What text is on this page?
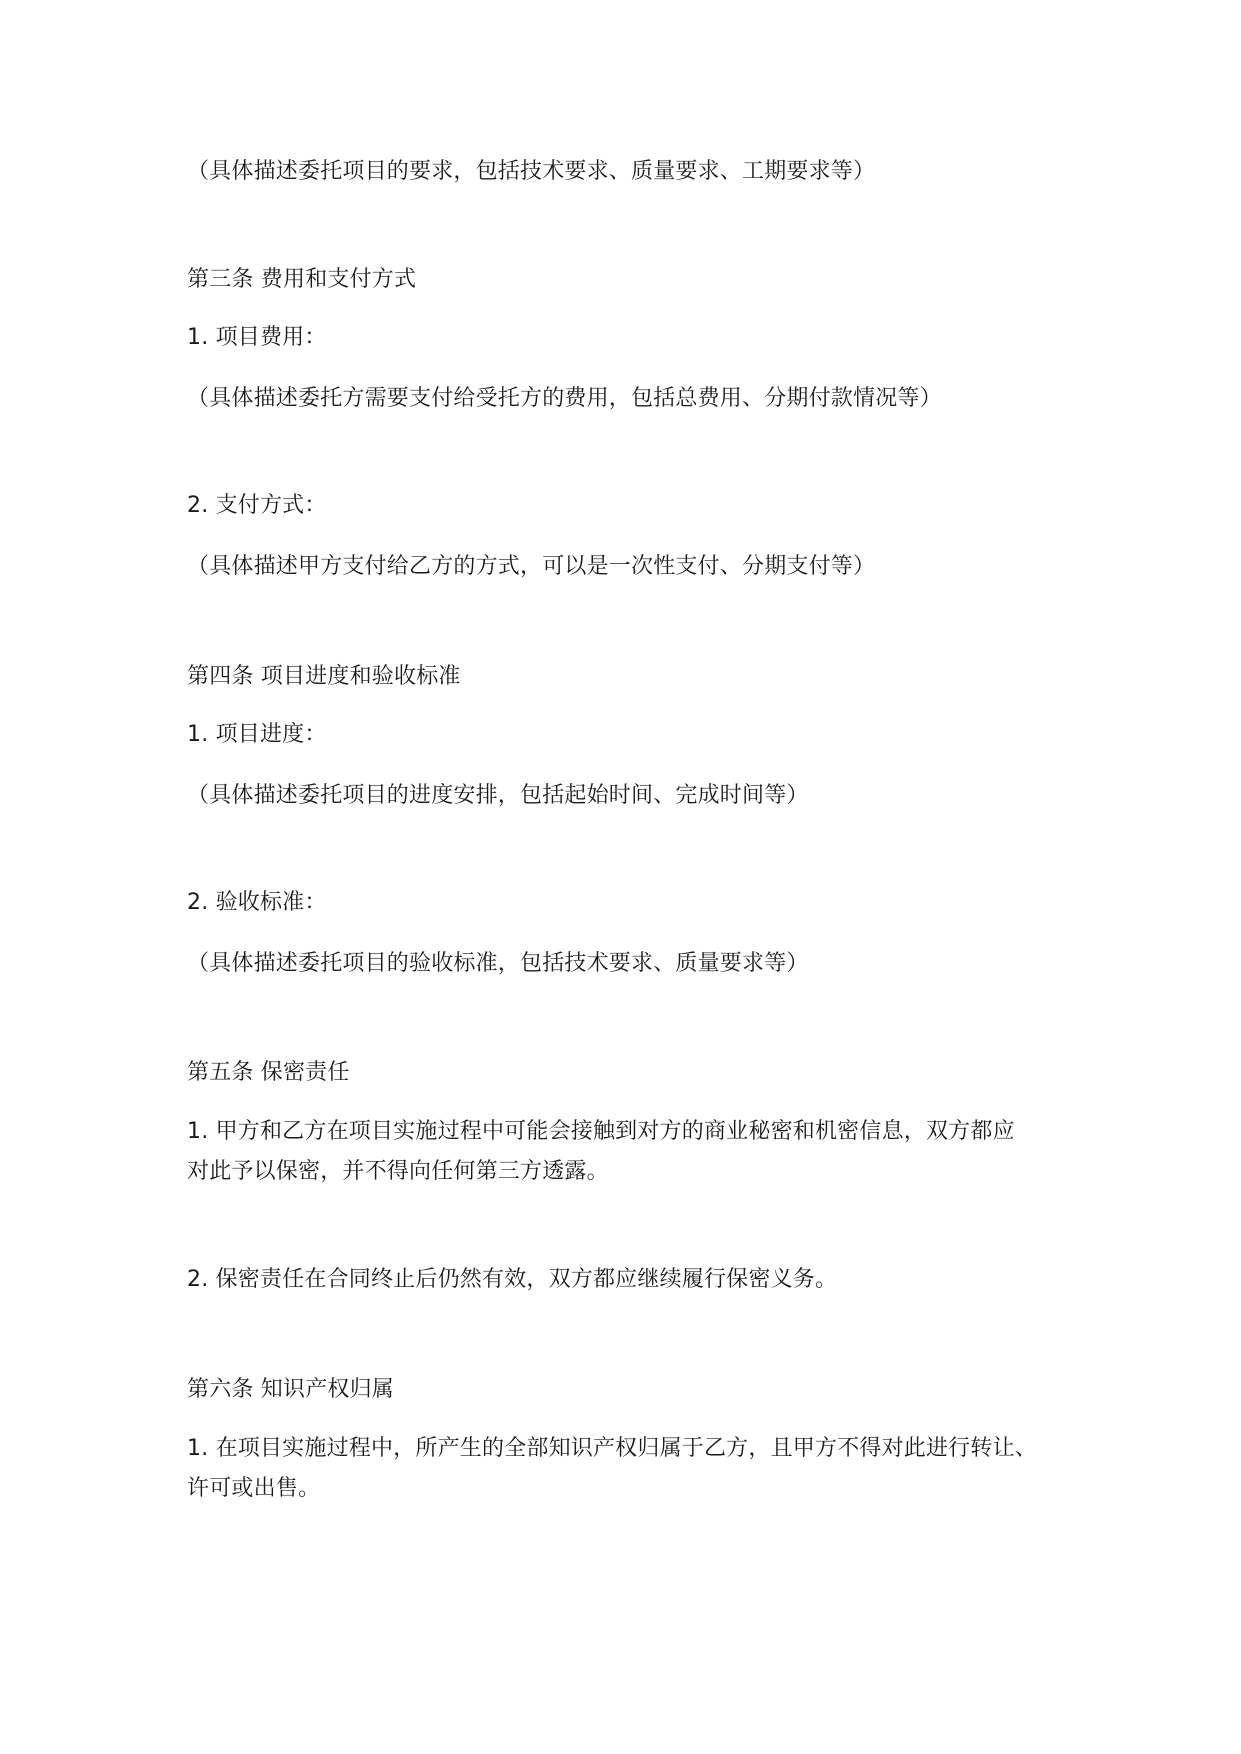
（具体描述委托项目的要求，包括技术要求、质量要求、工期要求等）
第三条 费用和支付方式
1. 项目费用：
（具体描述委托方需要支付给受托方的费用，包括总费用、分期付款情况等）
2. 支付方式：
（具体描述甲方支付给乙方的方式，可以是一次性支付、分期支付等）
第四条 项目进度和验收标准
1. 项目进度：
（具体描述委托项目的进度安排，包括起始时间、完成时间等）
2. 验收标准：
（具体描述委托项目的验收标准，包括技术要求、质量要求等）
第五条 保密责任
1. 甲方和乙方在项目实施过程中可能会接触到对方的商业秘密和机密信息，双方都应
对此予以保密，并不得向任何第三方透露。
2. 保密责任在合同终止后仍然有效，双方都应继续履行保密义务。
第六条 知识产权归属
1. 在项目实施过程中，所产生的全部知识产权归属于乙方，且甲方不得对此进行转让、
许可或出售。
